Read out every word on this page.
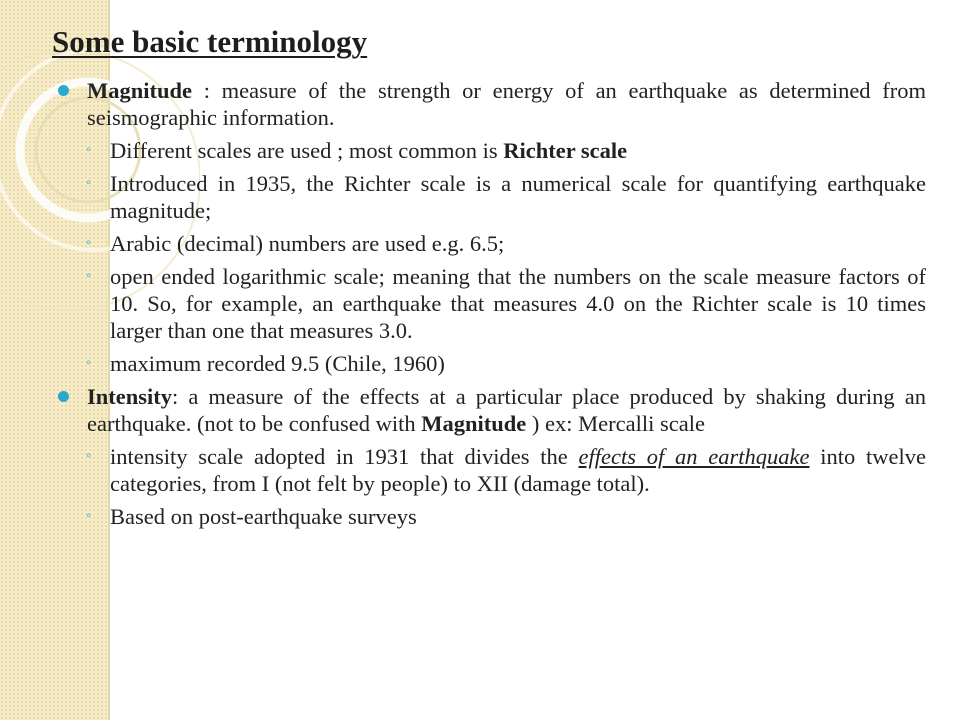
Some basic terminology
Magnitude : measure of the strength or energy of an earthquake as determined from seismographic information.
◦ Different scales are used ; most common is Richter scale
◦ Introduced in 1935, the Richter scale is a numerical scale for quantifying earthquake magnitude;
◦ Arabic (decimal) numbers are used e.g. 6.5;
◦ open ended logarithmic scale; meaning that the numbers on the scale measure factors of 10. So, for example, an earthquake that measures 4.0 on the Richter scale is 10 times larger than one that measures 3.0.
◦ maximum recorded 9.5 (Chile, 1960)
Intensity: a measure of the effects at a particular place produced by shaking during an earthquake. (not to be confused with Magnitude ) ex: Mercalli scale
◦ intensity scale adopted in 1931 that divides the effects of an earthquake into twelve categories, from I (not felt by people) to XII (damage total).
◦ Based on post-earthquake surveys
